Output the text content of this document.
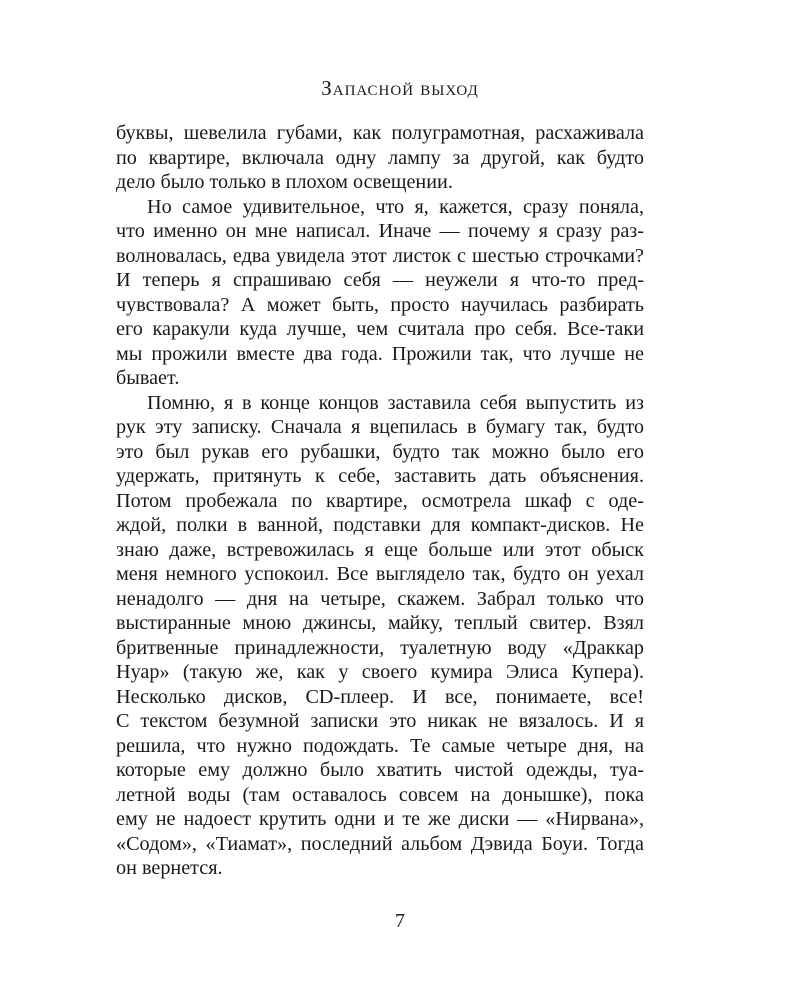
Запасной выход
буквы, шевелила губами, как полуграмотная, расхаживала
по квартире, включала одну лампу за другой, как будто
дело было только в плохом освещении.
Но самое удивительное, что я, кажется, сразу поняла,
что именно он мне написал. Иначе — почему я сразу раз-
волновалась, едва увидела этот листок с шестью строчками?
И теперь я спрашиваю себя — неужели я что-то пред-
чувствовала? А может быть, просто научилась разбирать
его каракули куда лучше, чем считала про себя. Все-таки
мы прожили вместе два года. Прожили так, что лучше не
бывает.
Помню, я в конце концов заставила себя выпустить из
рук эту записку. Сначала я вцепилась в бумагу так, будто
это был рукав его рубашки, будто так можно было его
удержать, притянуть к себе, заставить дать объяснения.
Потом пробежала по квартире, осмотрела шкаф с оде-
ждой, полки в ванной, подставки для компакт-дисков. Не
знаю даже, встревожилась я еще больше или этот обыск
меня немного успокоил. Все выглядело так, будто он уехал
ненадолго — дня на четыре, скажем. Забрал только что
выстиранные мною джинсы, майку, теплый свитер. Взял
бритвенные принадлежности, туалетную воду «Драккар
Нуар» (такую же, как у своего кумира Элиса Купера).
Несколько дисков, CD-плеер. И все, понимаете, все!
С текстом безумной записки это никак не вязалось. И я
решила, что нужно подождать. Те самые четыре дня, на
которые ему должно было хватить чистой одежды, туа-
летной воды (там оставалось совсем на донышке), пока
ему не надоест крутить одни и те же диски — «Нирвана»,
«Содом», «Тиамат», последний альбом Дэвида Боуи. Тогда
он вернется.
7
